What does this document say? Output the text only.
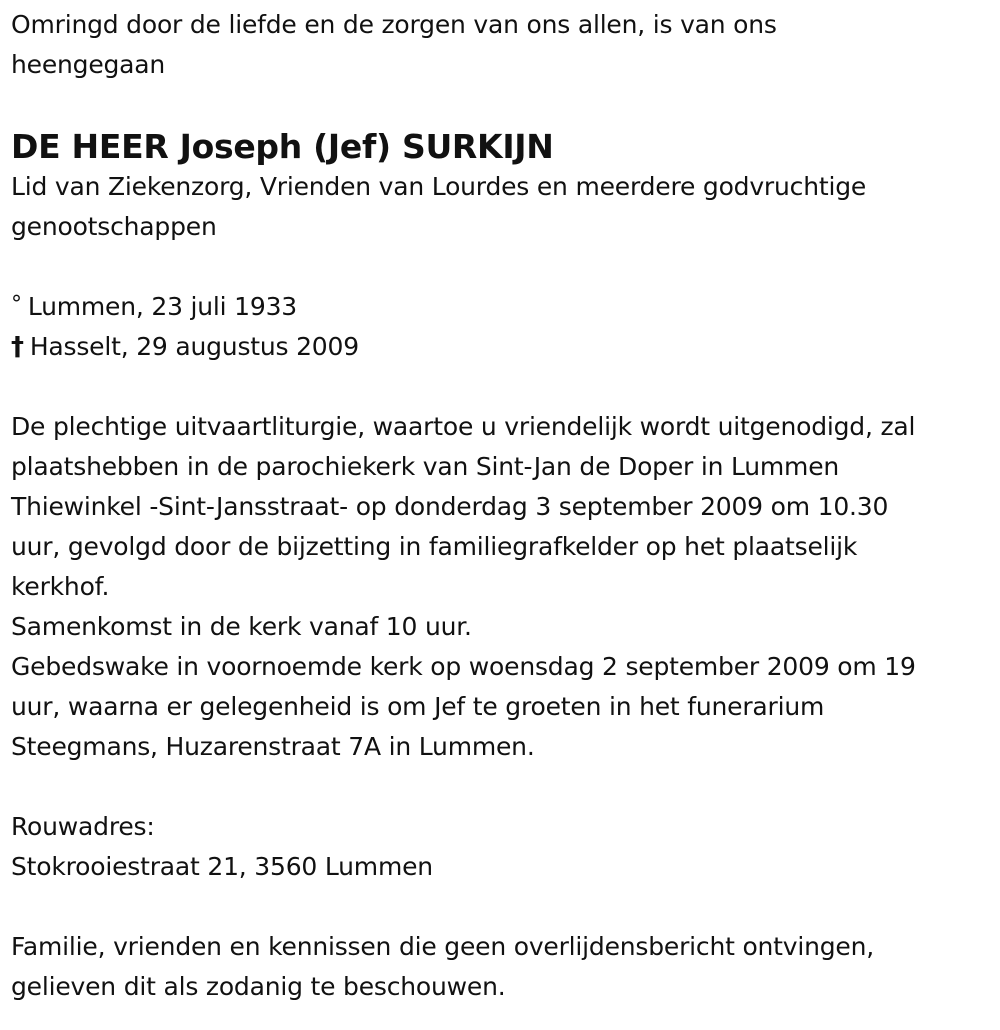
Omringd door de liefde en de zorgen van ons allen, is van ons
heengegaan
DE HEER Joseph (Jef) SURKIJN
Lid van Ziekenzorg, Vrienden van Lourdes en meerdere godvruchtige
genootschappen
° Lummen, 23 juli 1933
† Hasselt, 29 augustus 2009
De plechtige uitvaartliturgie, waartoe u vriendelijk wordt uitgenodigd, zal
plaatshebben in de parochiekerk van Sint-Jan de Doper in Lummen
Thiewinkel -Sint-Jansstraat- op donderdag 3 september 2009 om 10.30
uur, gevolgd door de bijzetting in familiegrafkelder op het plaatselijk
kerkhof.
Samenkomst in de kerk vanaf 10 uur.
Gebedswake in voornoemde kerk op woensdag 2 september 2009 om 19
uur, waarna er gelegenheid is om Jef te groeten in het funerarium
Steegmans, Huzarenstraat 7A in Lummen.
Rouwadres:
Stokrooiestraat 21, 3560 Lummen
Familie, vrienden en kennissen die geen overlijdensbericht ontvingen,
gelieven dit als zodanig te beschouwen.
